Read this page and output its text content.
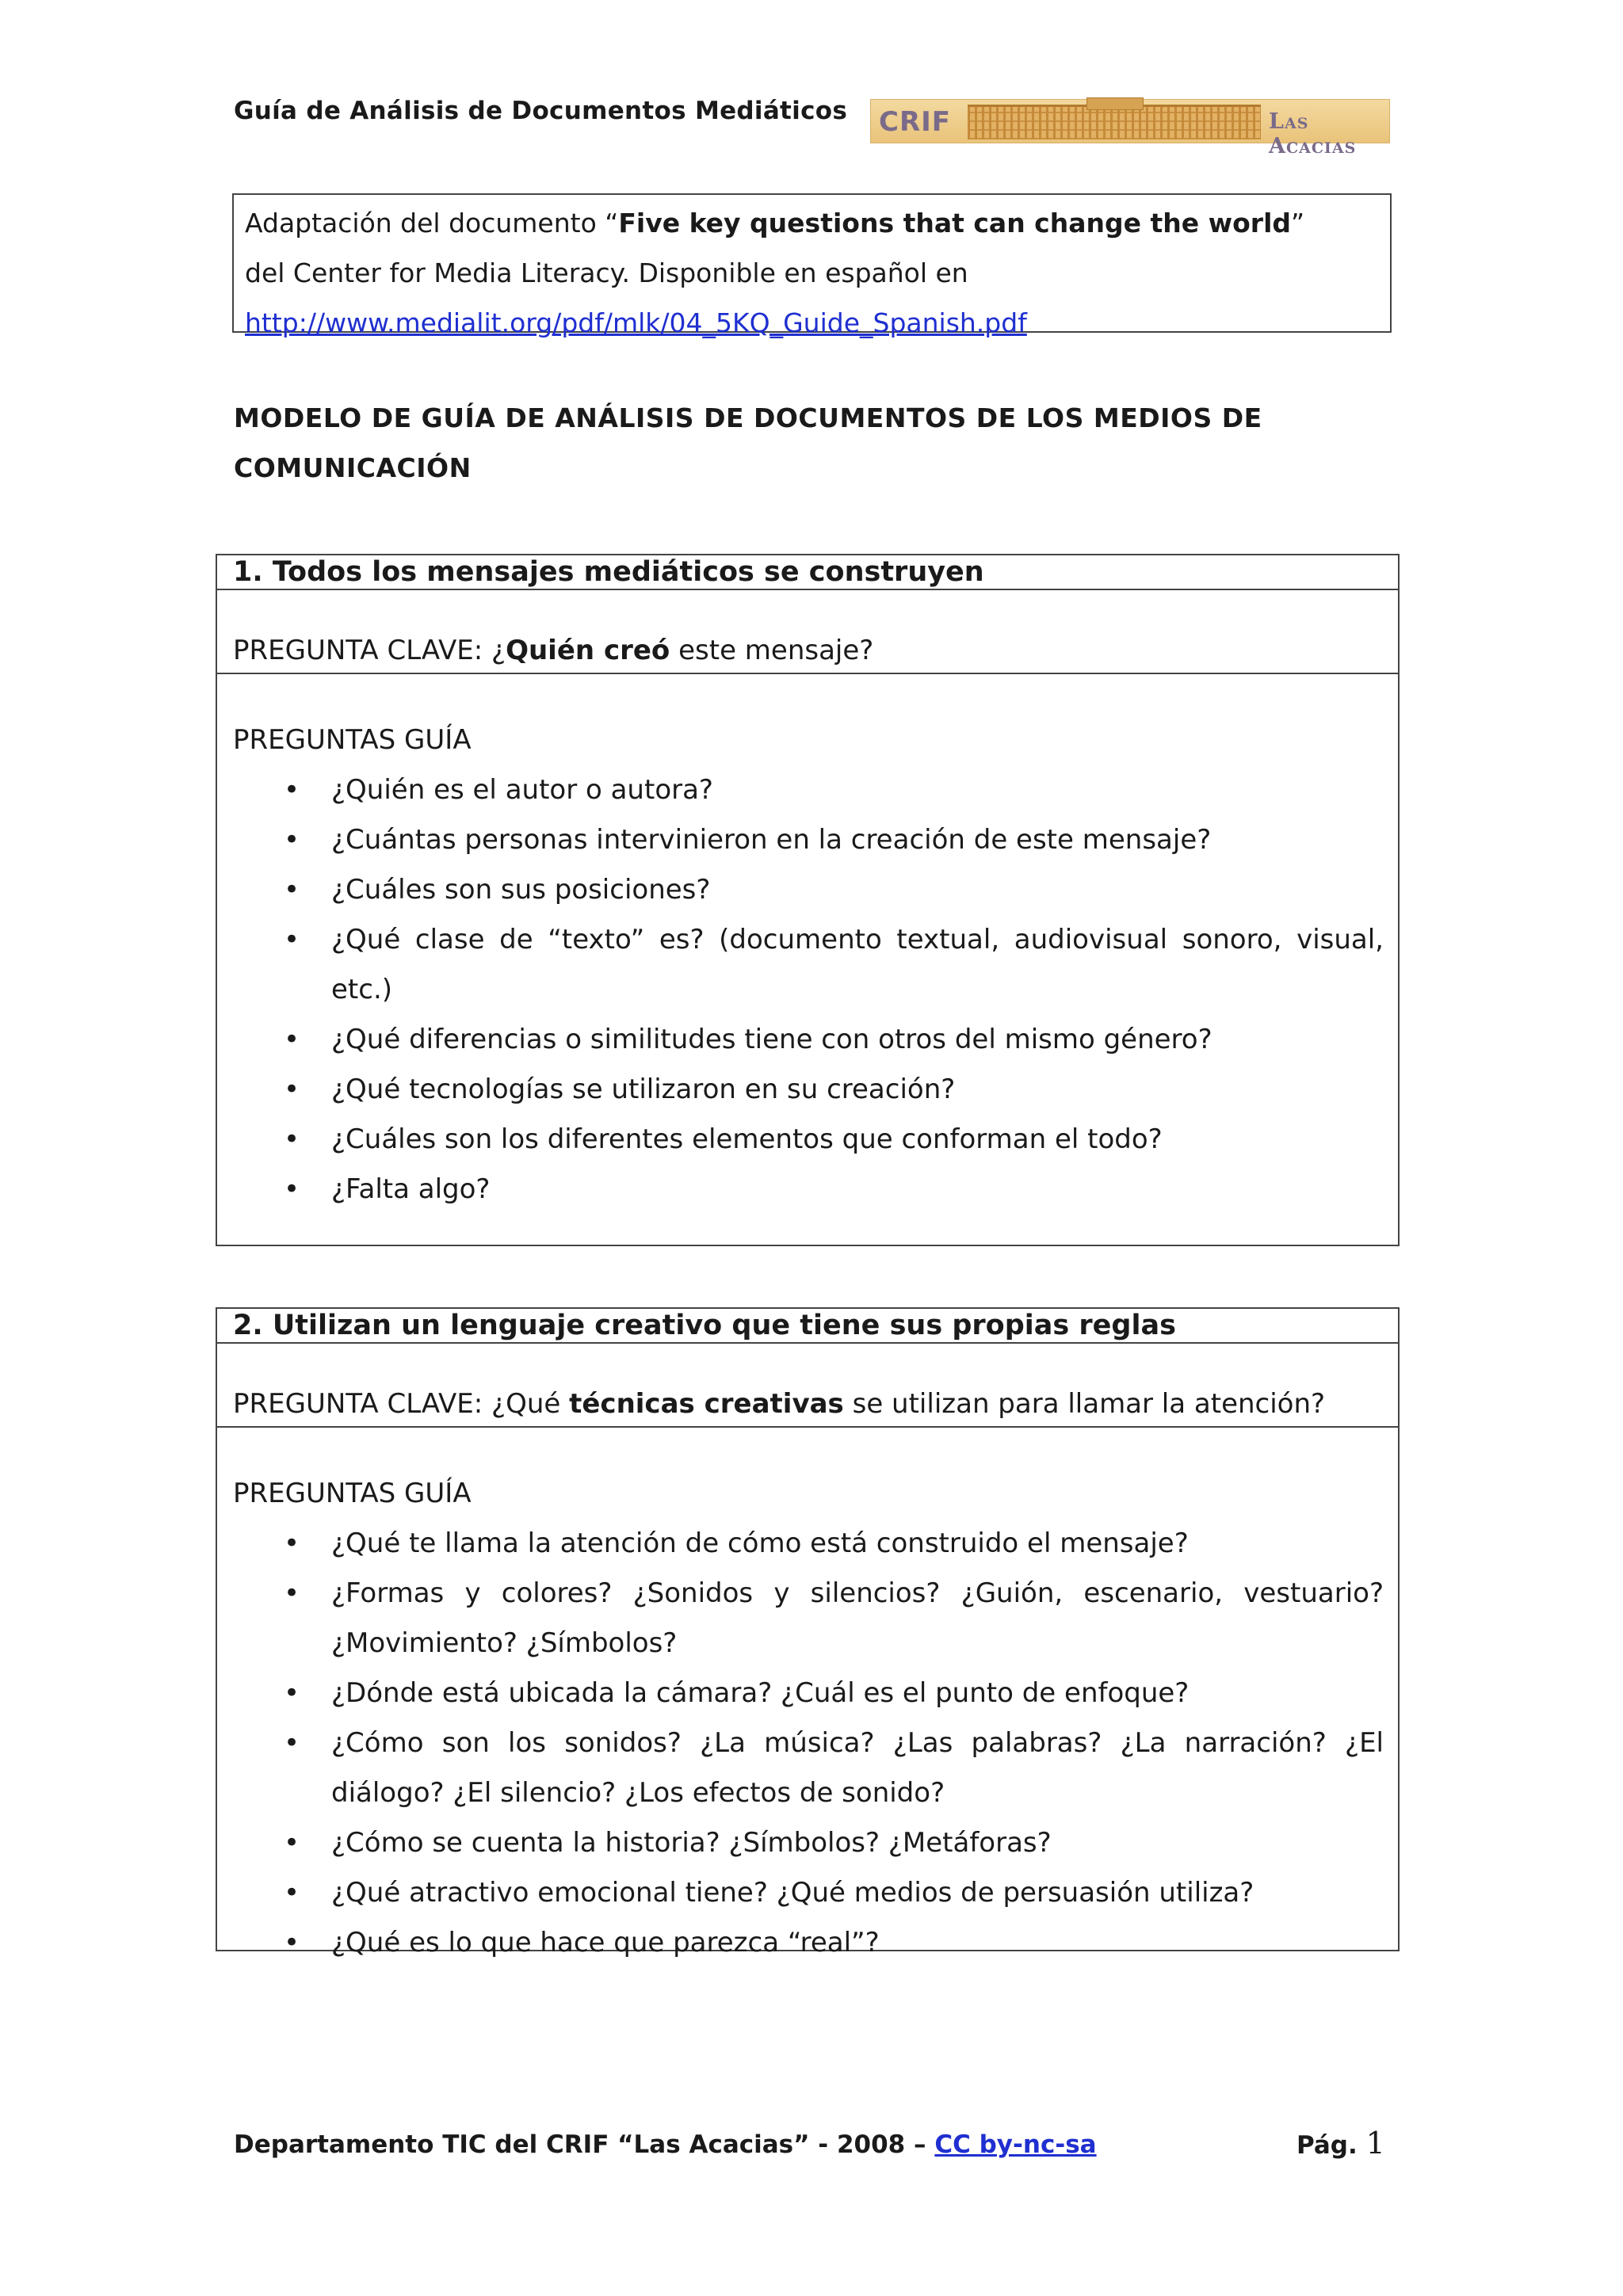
Guía de Análisis de Documentos Mediáticos CRIF	Las Acacias
Adaptación del documento “Five key questions that can change the world”
del Center for Media Literacy. Disponible en español en
http://www.medialit.org/pdf/mlk/04_5KQ_Guide_Spanish.pdf
MODELO DE GUÍA DE ANÁLISIS DE DOCUMENTOS DE LOS MEDIOS DE COMUNICACIÓN
1. Todos los mensajes mediáticos se construyen
PREGUNTA CLAVE: ¿Quién creó este mensaje?
PREGUNTAS GUÍA
• ¿Quién es el autor o autora?
• ¿Cuántas personas intervinieron en la creación de este mensaje?
• ¿Cuáles son sus posiciones?
• ¿Qué clase de “texto” es? (documento textual, audiovisual sonoro, visual, etc.)
• ¿Qué diferencias o similitudes tiene con otros del mismo género?
• ¿Qué tecnologías se utilizaron en su creación?
• ¿Cuáles son los diferentes elementos que conforman el todo?
• ¿Falta algo?
2. Utilizan un lenguaje creativo que tiene sus propias reglas
PREGUNTA CLAVE: ¿Qué técnicas creativas se utilizan para llamar la atención?
PREGUNTAS GUÍA
• ¿Qué te llama la atención de cómo está construido el mensaje?
• ¿Formas y colores? ¿Sonidos y silencios? ¿Guión, escenario, vestuario? ¿Movimiento? ¿Símbolos?
• ¿Dónde está ubicada la cámara? ¿Cuál es el punto de enfoque?
• ¿Cómo son los sonidos? ¿La música? ¿Las palabras? ¿La narración? ¿El diálogo? ¿El silencio? ¿Los efectos de sonido?
• ¿Cómo se cuenta la historia? ¿Símbolos? ¿Metáforas?
• ¿Qué atractivo emocional tiene? ¿Qué medios de persuasión utiliza?
• ¿Qué es lo que hace que parezca “real”?
Departamento TIC del CRIF “Las Acacias” - 2008 – CC by-nc-sa	Pág. 1
